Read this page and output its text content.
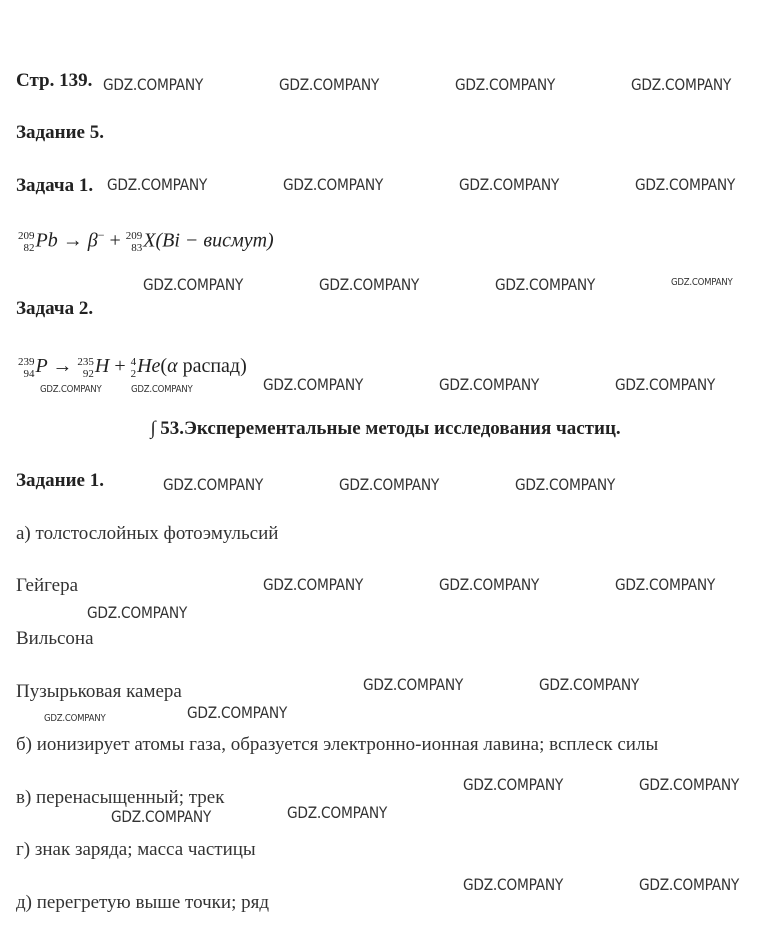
Стр. 139.
Задание 5.
Задача 1.
209
82 Pb → β− + 209
83 X(Bi − висмут)
Задача 2.
239
94 P → 235
92 H + 4
2 He(α распад)
∫ 53.Эксперементальные методы исследования частиц.
Задание 1.
а) толстослойных фотоэмульсий
Гейгера
Вильсона
Пузырьковая камера
б) ионизирует атомы газа, образуется электронно-ионная лавина; всплеск силы
в) перенасыщенный; трек
г) знак заряда; масса частицы
д) перегретую выше точки; ряд
GDZ.COMPANY	GDZ.COMPANY	GDZ.COMPANY	GDZ.COMPANY
GDZ.COMPANY	GDZ.COMPANY	GDZ.COMPANY	GDZ.COMPANY
GDZ.COMPANY	GDZ.COMPANY	GDZ.COMPANY	GDZ.COMPANY
GDZ.COMPANY	GDZ.COMPANY	GDZ.COMPANY	GDZ.COMPANY	GDZ.COMPANY
GDZ.COMPANY	GDZ.COMPANY	GDZ.COMPANY
GDZ.COMPANY	GDZ.COMPANY	GDZ.COMPANY
GDZ.COMPANY
GDZ.COMPANY	GDZ.COMPANY
GDZ.COMPANY	GDZ.COMPANY
GDZ.COMPANY	GDZ.COMPANY
GDZ.COMPANY
GDZ.COMPANY
GDZ.COMPANY	GDZ.COMPANY
